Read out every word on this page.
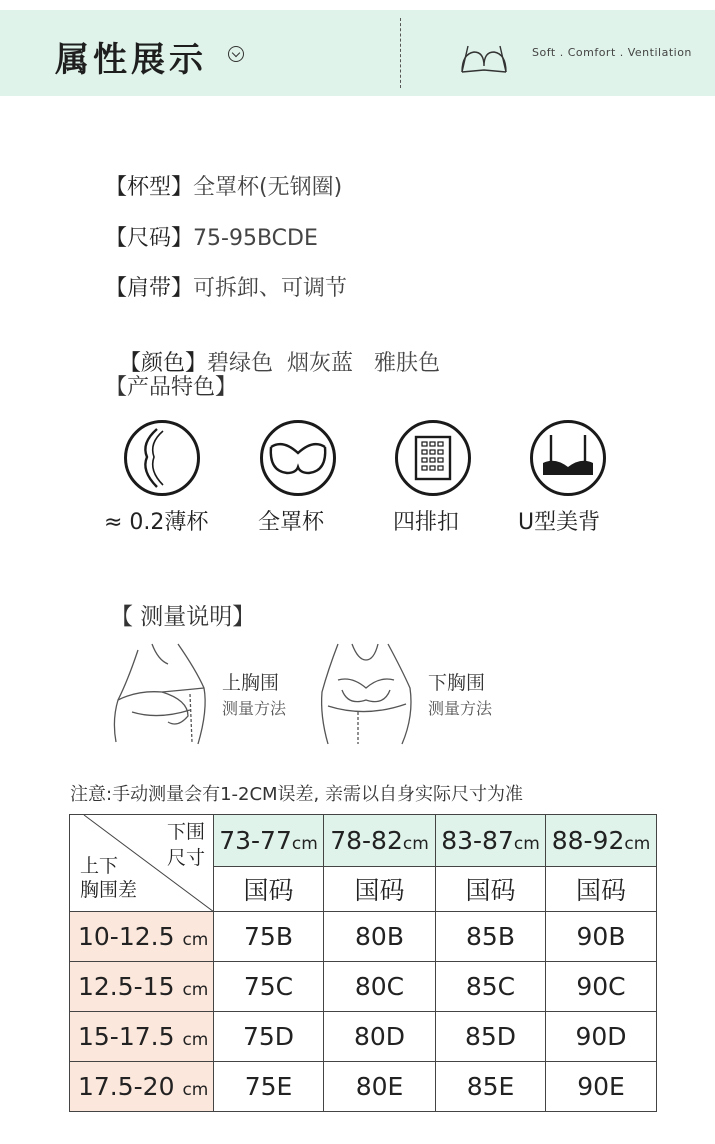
属性展示	Soft . Comfort . Ventilation
【杯型】全罩杯(无钢圈)
【尺码】75-95BCDE
【肩带】可拆卸、可调节

【颜色】碧绿色  烟灰蓝   雅肤色

【产品特色】
≈ 0.2薄杯 全罩杯	四排扣	U型美背
【 测量说明】
上胸围
测量方法
下胸围
测量方法
注意:手动测量会有1-2CM误差, 亲需以自身实际尺寸为准
下围
尺寸
上下
胸围差	73-77cm	78-82cm	83-87cm	88-92cm
	国码	国码	国码	国码
10-12.5 cm	75B	80B	85B	90B
12.5-15 cm	75C	80C	85C	90C
15-17.5 cm	75D	80D	85D	90D
17.5-20 cm	75E	80E	85E	90E
